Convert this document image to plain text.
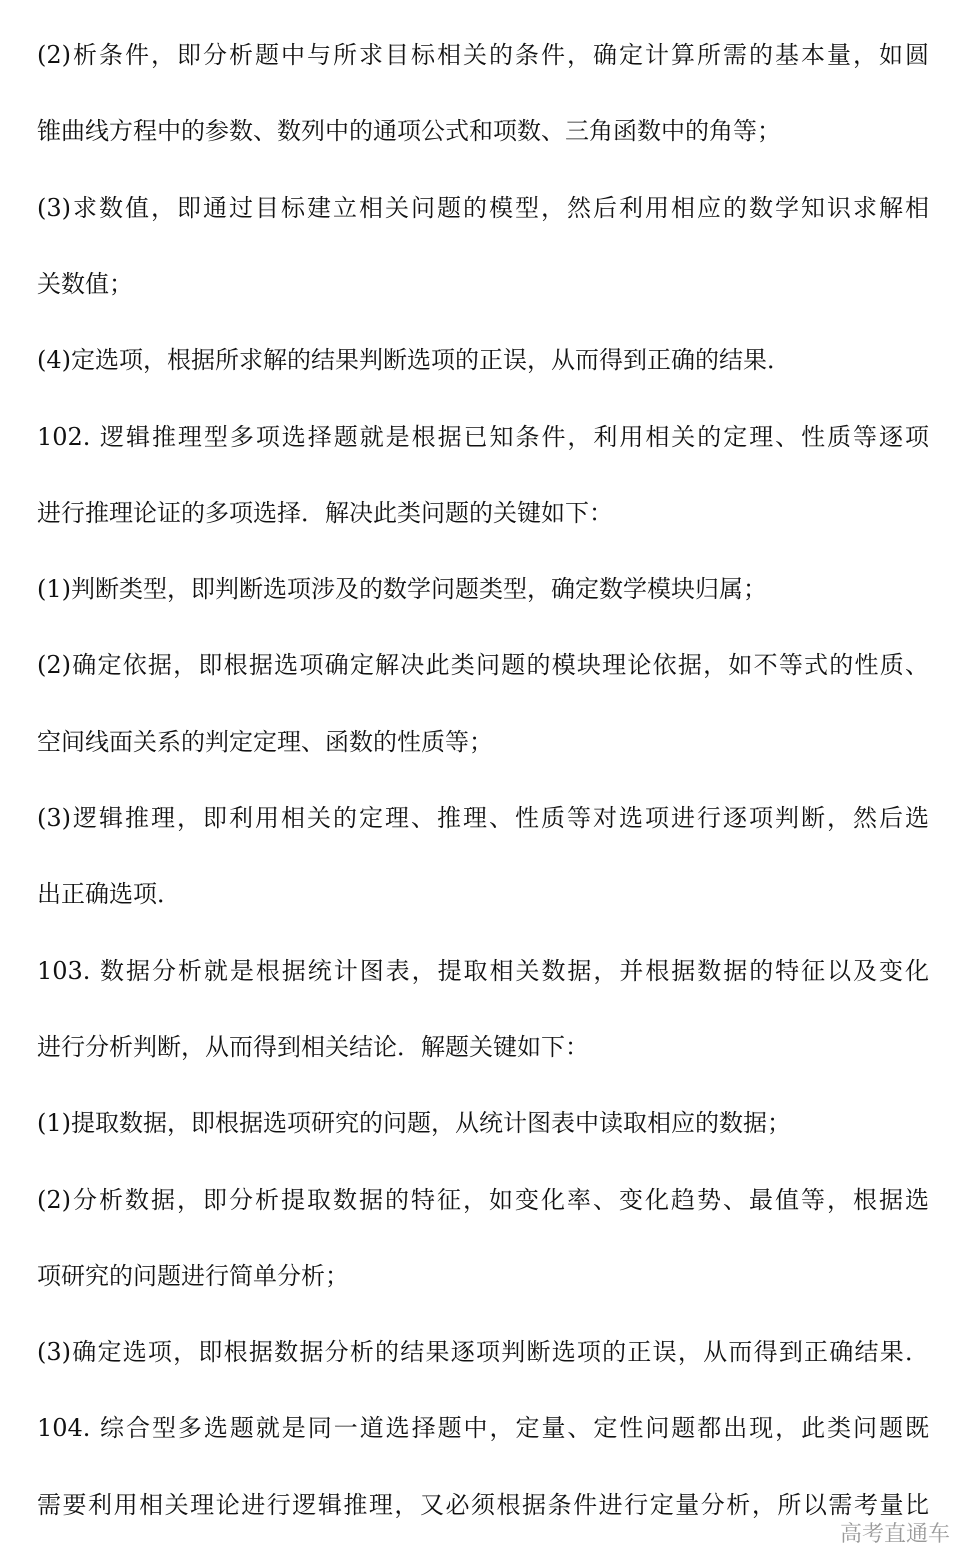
(2)析条件，即分析题中与所求目标相关的条件，确定计算所需的基本量，如圆
锥曲线方程中的参数、数列中的通项公式和项数、三角函数中的角等；
(3)求数值，即通过目标建立相关问题的模型，然后利用相应的数学知识求解相
关数值；
(4)定选项，根据所求解的结果判断选项的正误，从而得到正确的结果．
102. 逻辑推理型多项选择题就是根据已知条件，利用相关的定理、性质等逐项
进行推理论证的多项选择．解决此类问题的关键如下：
(1)判断类型，即判断选项涉及的数学问题类型，确定数学模块归属；
(2)确定依据，即根据选项确定解决此类问题的模块理论依据，如不等式的性质、
空间线面关系的判定定理、函数的性质等；
(3)逻辑推理，即利用相关的定理、推理、性质等对选项进行逐项判断，然后选
出正确选项．
103. 数据分析就是根据统计图表，提取相关数据，并根据数据的特征以及变化
进行分析判断，从而得到相关结论．解题关键如下：
(1)提取数据，即根据选项研究的问题，从统计图表中读取相应的数据；
(2)分析数据，即分析提取数据的特征，如变化率、变化趋势、最值等，根据选
项研究的问题进行简单分析；
(3)确定选项，即根据数据分析的结果逐项判断选项的正误，从而得到正确结果．
104. 综合型多选题就是同一道选择题中，定量、定性问题都出现，此类问题既
需要利用相关理论进行逻辑推理，又必须根据条件进行定量分析，所以需考量比
高考直通车
